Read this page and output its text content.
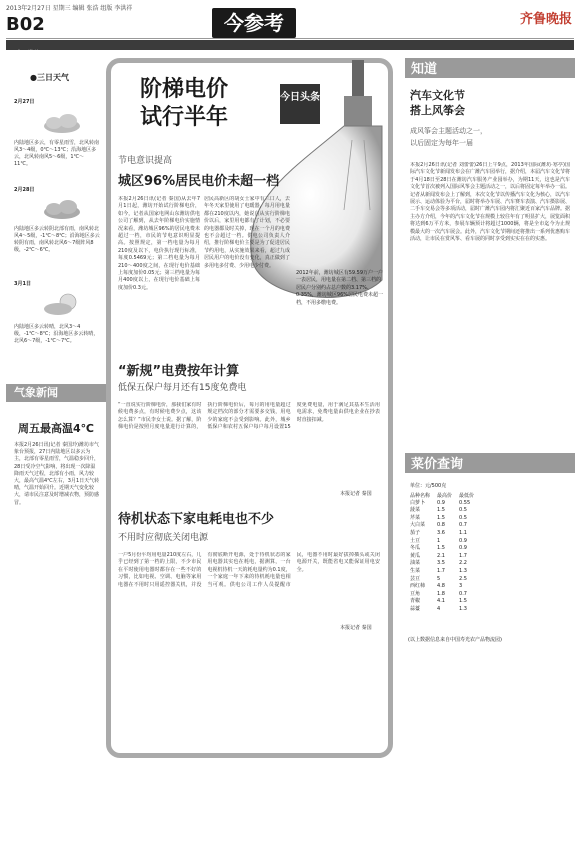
2013年2月27日 星期三 编辑 张浩 组版 李洪祥
B02	今参考	齐鲁晚报
今日潍坊
●三日天气
2月27日
内陆地区多云，有零星雨雪，北风转南风3～4级，0℃～13℃；沿海地区多云，北风转南风5～6级，1℃～11℃。
2月28日
内陆地区多云转阴北部有雨，南风转北风4～5级，-1℃～8℃；沿海地区多云转阴有雨，南风转北风6～7级阵风8级，-2℃～6℃。
3月1日
内陆地区多云转晴，北风3～4级，-1℃～8℃；沿海地区多云转晴，北风6～7级，-1℃～7℃。
气象新闻
周五最高温4℃
本报2月26日讯(记者 秦国玲)潍坊市气象台预报，27日内陆地区以多云为主，北部有零星雨雪，气温稳步回升，28日受冷空气影响，将出现一次降温降雨天气过程，北部有小雨，风力较大，最高气温4℃左右，3月1日天气转晴，气温开始回升。近期天气变化较大，请市民注意及时增减衣物，预防感冒。
阶梯电价
试行半年
今日头条
节电意识提高
城区96%居民电价未超一档
本报2月26日讯(记者 秦国)从去年7月1日起，潍坊开始试行阶梯电价，如今，记者从国家电网山东潍坊供电公司了解到，从去年阶梯电价实施情况来看，潍坊城区96%的居民电费未超过一档，市民的节电意识明显提高。按照规定，第一档电量为每月210度及以下，电价执行现行标准，每度0.5469元；第二档电量为每月210～400度之间，在现行电价基础上每度加价0.05元；第三档电量为每月400度以上，在现行电价基础上每度加价0.3元。
居民高新区的胡女士家中有三口人，去年冬天家里使用了电暖器，每月用电量都在210度以内，她说自从实行阶梯电价以后，家里用电都有了计划，不必要的电器都及时关掉，现在一个月的电费也不会超过一档。供电公司负责人介绍，推行阶梯电价主要是为了促进居民节约用电，从实施效果来看，超过九成居民用户的电价没有变化，真正做到了多用电多付费、少用电少付费。
2012年前，潍坊城区有59.59万户一户一表居民，用电量在第二档、第三档的居民户分别约占总户数的3.17%、0.35%，潍坊城区96%居民电费未超一档，不用多缴电费。
“新规”电费按年计算
低保五保户每月还有15度免费电
“一直说实行阶梯电价，那我们家有时候电费多点，有时候电费少点，这该怎么算？”市民李女士说。据了解，阶梯电价是按照月度电量进行计算的，执行阶梯电价后，每月的用电量超过规定档次的部分才需要多交钱，用电少的家庭不会受到影响。此外，城乡低保户和农村五保户每户每月设置15度免费电量，用于满足其基本生活用电需求，免费电量由供电企业在抄表时直接扣减。
本报记者 秦国
待机状态下家电耗电也不少
不用时应彻底关闭电源
一户5月份平均用电量210度左右，几乎已经到了第一档的上限，不少市民在平时使用电器时都存在一些不好的习惯，比如电视、空调、电脑等家用电器在不用时只用遥控器关机，并没有彻底断开电源，处于待机状态的家用电器其实也在耗电，据测算，一台电视机待机一天的耗电量约为0.1度，一个家庭一年下来的待机耗电量也相当可观。供电公司工作人员提醒市民，电器不用时最好拔掉插头或关闭电源开关，既能省电又能保证用电安全。
本报记者 秦国
知道
汽车文化节
搭上风筝会
成风筝会主题活动之一，
以后固定为每年一届
本报2月26日讯(记者 刘蕾蕾)26日上午9点，2013年国际(潍坊·寒亭)国际汽车文化节新闻发布会在广潍汽车园举行，据介绍，本届汽车文化节将于4月18日至28日在潍坊汽车服务产业园举办，为期11天，这也是汽车文化节首次被列入国际风筝会主题活动之一，以后将固定每年举办一届。记者从新闻发布会上了解到，本次文化节以传播汽车文化为核心，以汽车展示、运动体验为平台，届时将举办车展、汽车赛车表演、汽车摄影展、二手车交易会等多项活动，届时广潍汽车园内将汇聚近百家汽车品牌。据主办方介绍，今年的汽车文化节在规模上较往年有了明显扩大，展览面积将达到6万平方米，参展车辆预计将超过1000辆，将是全市迄今为止规模最大的一次汽车展会。此外，汽车文化节期间还将推出一系列优惠购车活动，让市民在赏风筝、看车展的同时享受到实实在在的实惠。
菜价查询
单位：元/500克
品种名称	最高价	最低价
白萝卜	0.9	0.55
菠菜	1.5	0.5
芹菜	1.5	0.5
大白菜	0.8	0.7
茄子	3.6	1.1
土豆	1	0.9
冬瓜	1.5	0.9
黄瓜	2.1	1.7
油菜	3.5	2.2
生菜	1.7	1.3
芸豆	5	2.5
西红柿	4.8	3
豆角	1.8	0.7
青椒	4.1	1.5
蒜薹	4	1.3
(以上数据信息来自中国寿光农产品物流园)
